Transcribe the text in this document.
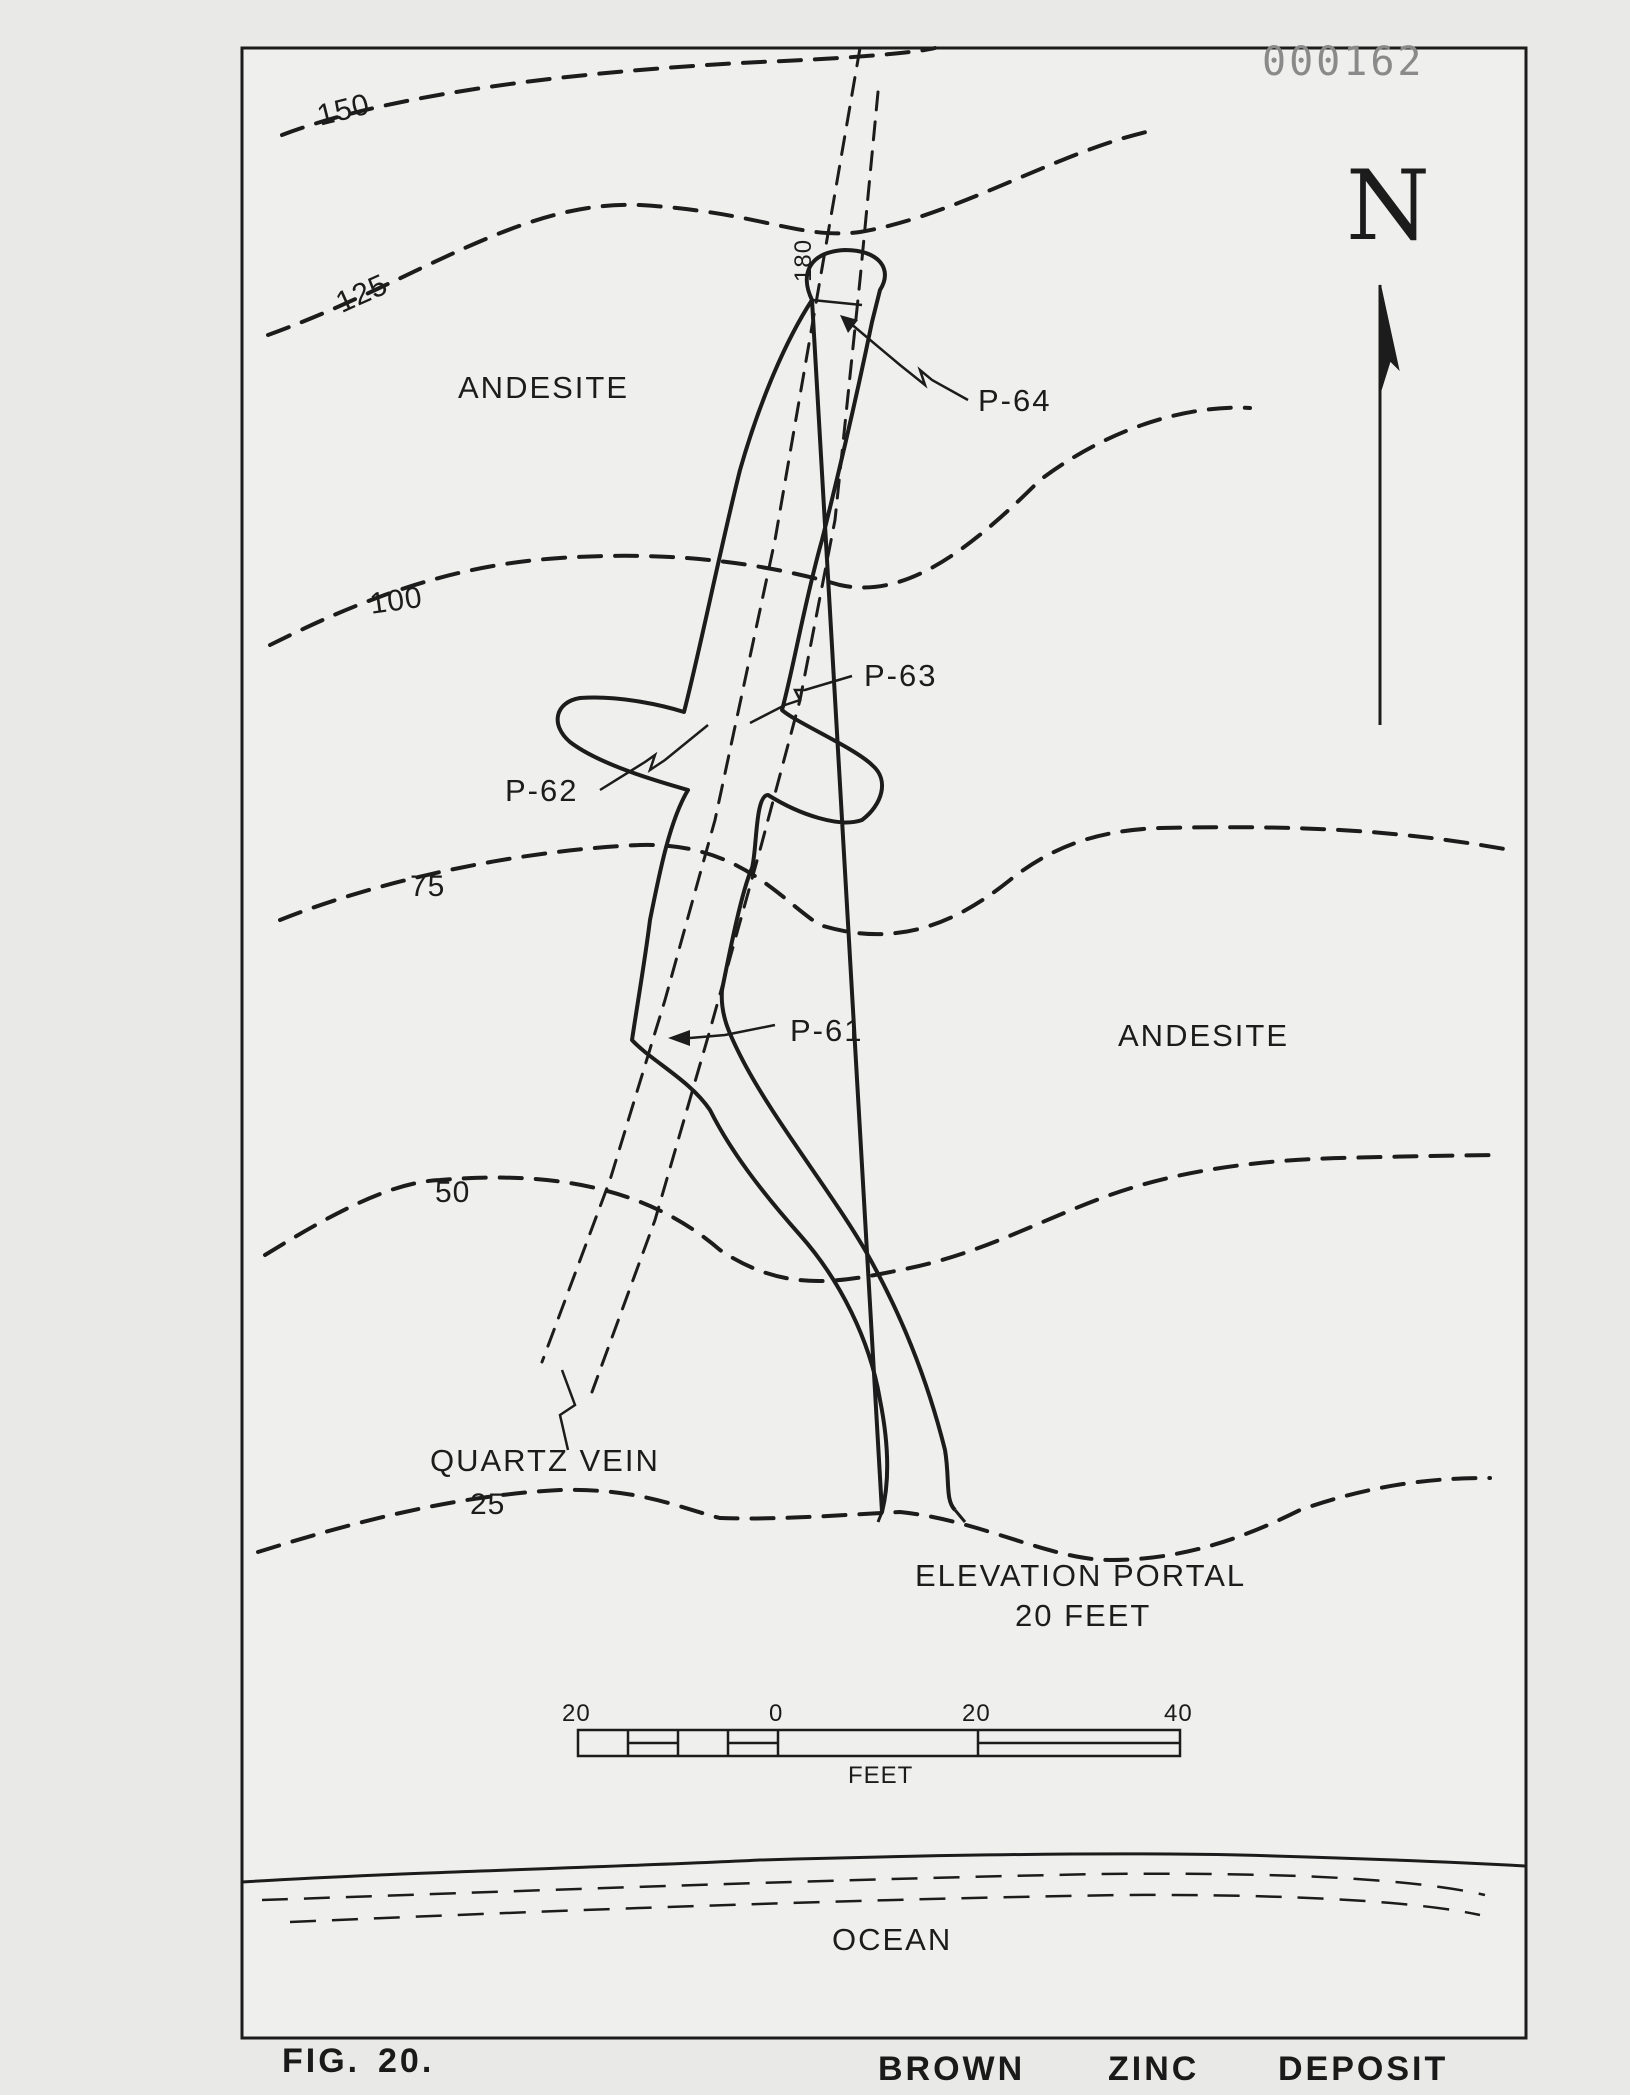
000162
N
150
125
100
75
50
25
180
ANDESITE
ANDESITE
P-64
P-63
P-62
P-61
QUARTZ VEIN
ELEVATION PORTAL
20 FEET
20	0	20	40
FEET
OCEAN
FIG. 20.	BROWN ZINC DEPOSIT
